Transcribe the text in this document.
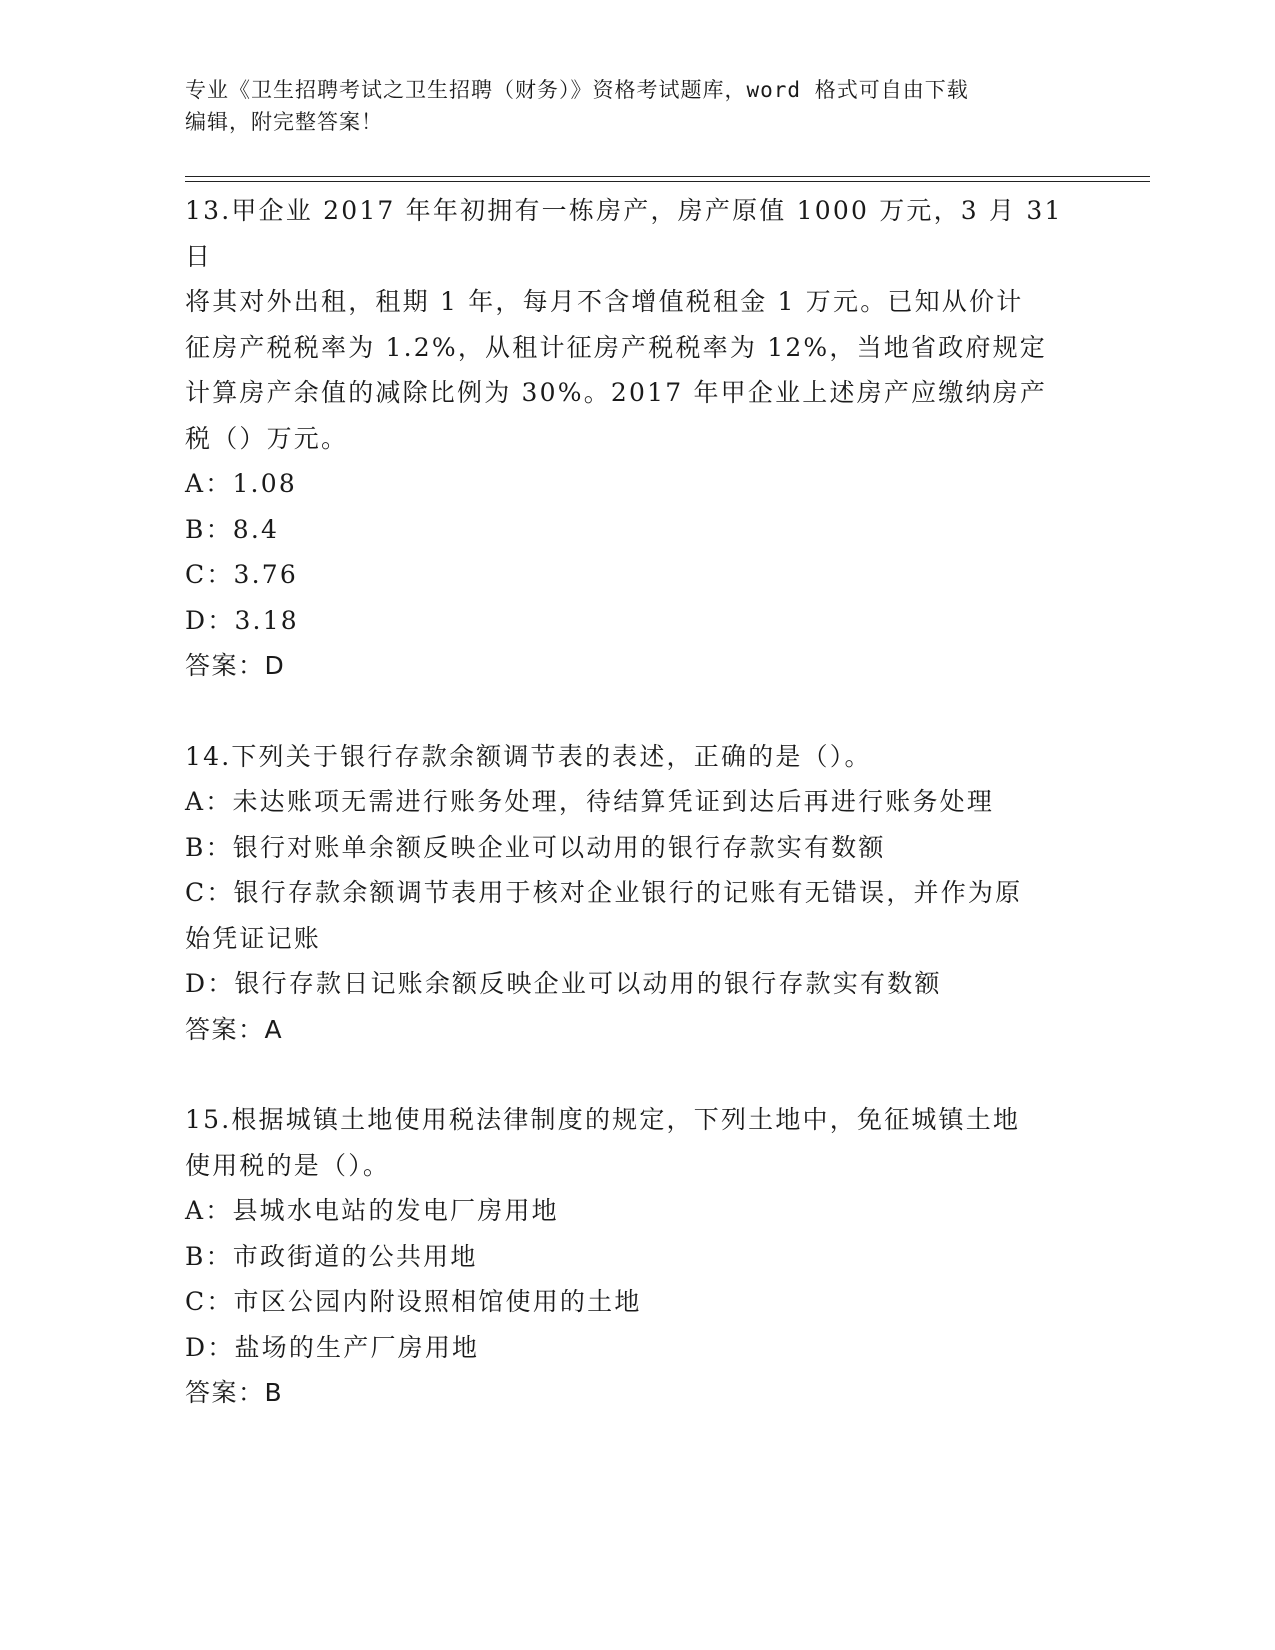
专业《卫生招聘考试之卫生招聘（财务）》资格考试题库，word 格式可自由下载
编辑，附完整答案！

13.甲企业 2017 年年初拥有一栋房产，房产原值 1000 万元，3 月 31 日

将其对外出租，租期 1 年，每月不含增值税租金 1 万元。已知从价计

征房产税税率为 1.2%，从租计征房产税税率为 12%，当地省政府规定

计算房产余值的减除比例为 30%。2017 年甲企业上述房产应缴纳房产

税（）万元。

A：1.08

B：8.4

C：3.76

D：3.18

答案：D

14.下列关于银行存款余额调节表的表述，正确的是（）。

A：未达账项无需进行账务处理，待结算凭证到达后再进行账务处理

B：银行对账单余额反映企业可以动用的银行存款实有数额

C：银行存款余额调节表用于核对企业银行的记账有无错误，并作为原

始凭证记账

D：银行存款日记账余额反映企业可以动用的银行存款实有数额

答案：A

15.根据城镇土地使用税法律制度的规定，下列土地中，免征城镇土地

使用税的是（）。

A：县城水电站的发电厂房用地

B：市政街道的公共用地

C：市区公园内附设照相馆使用的土地

D：盐场的生产厂房用地

答案：B
